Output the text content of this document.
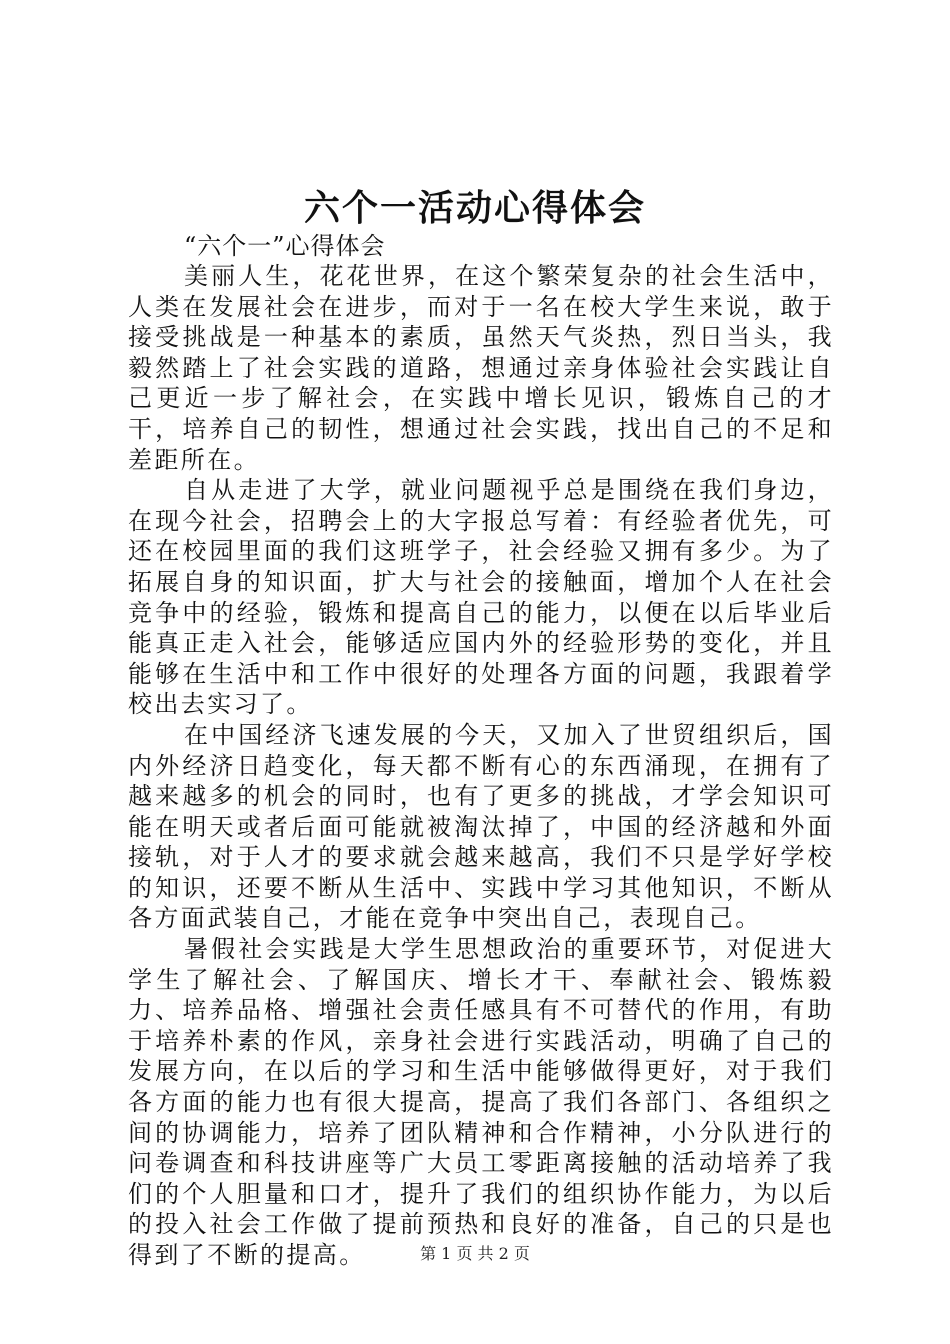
六个一活动心得体会

“六个一”心得体会

美丽人生，花花世界，在这个繁荣复杂的社会生活中，人类在发展社会在进步，而对于一名在校大学生来说，敢于接受挑战是一种基本的素质，虽然天气炎热，烈日当头，我毅然踏上了社会实践的道路，想通过亲身体验社会实践让自己更近一步了解社会，在实践中增长见识，锻炼自己的才干，培养自己的韧性，想通过社会实践，找出自己的不足和差距所在。

自从走进了大学，就业问题视乎总是围绕在我们身边，在现今社会，招聘会上的大字报总写着：有经验者优先，可还在校园里面的我们这班学子，社会经验又拥有多少。为了拓展自身的知识面，扩大与社会的接触面，增加个人在社会竞争中的经验，锻炼和提高自己的能力，以便在以后毕业后能真正走入社会，能够适应国内外的经验形势的变化，并且能够在生活中和工作中很好的处理各方面的问题，我跟着学校出去实习了。

在中国经济飞速发展的今天，又加入了世贸组织后，国内外经济日趋变化，每天都不断有心的东西涌现，在拥有了越来越多的机会的同时，也有了更多的挑战，才学会知识可能在明天或者后面可能就被淘汰掉了，中国的经济越和外面接轨，对于人才的要求就会越来越高，我们不只是学好学校的知识，还要不断从生活中、实践中学习其他知识，不断从各方面武装自己，才能在竞争中突出自己，表现自己。

暑假社会实践是大学生思想政治的重要环节，对促进大学生了解社会、了解国庆、增长才干、奉献社会、锻炼毅力、培养品格、增强社会责任感具有不可替代的作用，有助于培养朴素的作风，亲身社会进行实践活动，明确了自己的发展方向，在以后的学习和生活中能够做得更好，对于我们各方面的能力也有很大提高，提高了我们各部门、各组织之间的协调能力，培养了团队精神和合作精神，小分队进行的问卷调查和科技讲座等广大员工零距离接触的活动培养了我们的个人胆量和口才，提升了我们的组织协作能力，为以后的投入社会工作做了提前预热和良好的准备，自己的只是也得到了不断的提高。	第 1 页 共 2 页
